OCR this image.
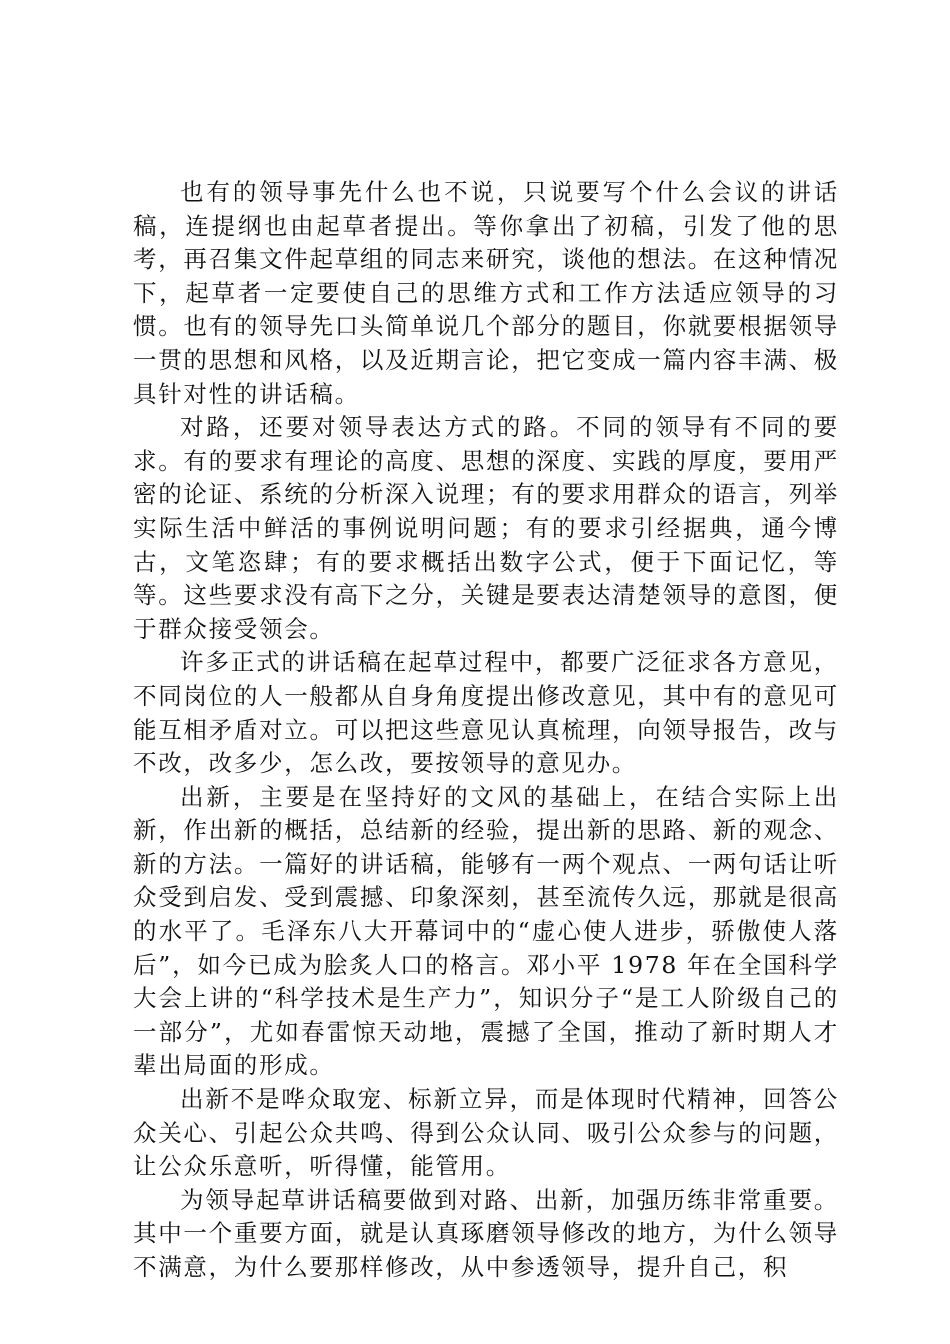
也有的领导事先什么也不说，只说要写个什么会议的讲话稿，连提纲也由起草者提出。等你拿出了初稿，引发了他的思考，再召集文件起草组的同志来研究，谈他的想法。在这种情况下，起草者一定要使自己的思维方式和工作方法适应领导的习惯。也有的领导先口头简单说几个部分的题目，你就要根据领导一贯的思想和风格，以及近期言论，把它变成一篇内容丰满、极具针对性的讲话稿。

对路，还要对领导表达方式的路。不同的领导有不同的要求。有的要求有理论的高度、思想的深度、实践的厚度，要用严密的论证、系统的分析深入说理；有的要求用群众的语言，列举实际生活中鲜活的事例说明问题；有的要求引经据典，通今博古，文笔恣肆；有的要求概括出数字公式，便于下面记忆，等等。这些要求没有高下之分，关键是要表达清楚领导的意图，便于群众接受领会。

许多正式的讲话稿在起草过程中，都要广泛征求各方意见，不同岗位的人一般都从自身角度提出修改意见，其中有的意见可能互相矛盾对立。可以把这些意见认真梳理，向领导报告，改与不改，改多少，怎么改，要按领导的意见办。

出新，主要是在坚持好的文风的基础上，在结合实际上出新，作出新的概括，总结新的经验，提出新的思路、新的观念、新的方法。一篇好的讲话稿，能够有一两个观点、一两句话让听众受到启发、受到震撼、印象深刻，甚至流传久远，那就是很高的水平了。毛泽东八大开幕词中的“虚心使人进步，骄傲使人落后”，如今已成为脍炙人口的格言。邓小平 1978 年在全国科学大会上讲的“科学技术是生产力”，知识分子“是工人阶级自己的一部分”，尤如春雷惊天动地，震撼了全国，推动了新时期人才辈出局面的形成。

出新不是哗众取宠、标新立异，而是体现时代精神，回答公众关心、引起公众共鸣、得到公众认同、吸引公众参与的问题，让公众乐意听，听得懂，能管用。

为领导起草讲话稿要做到对路、出新，加强历练非常重要。其中一个重要方面，就是认真琢磨领导修改的地方，为什么领导不满意，为什么要那样修改，从中参透领导，提升自己，积
